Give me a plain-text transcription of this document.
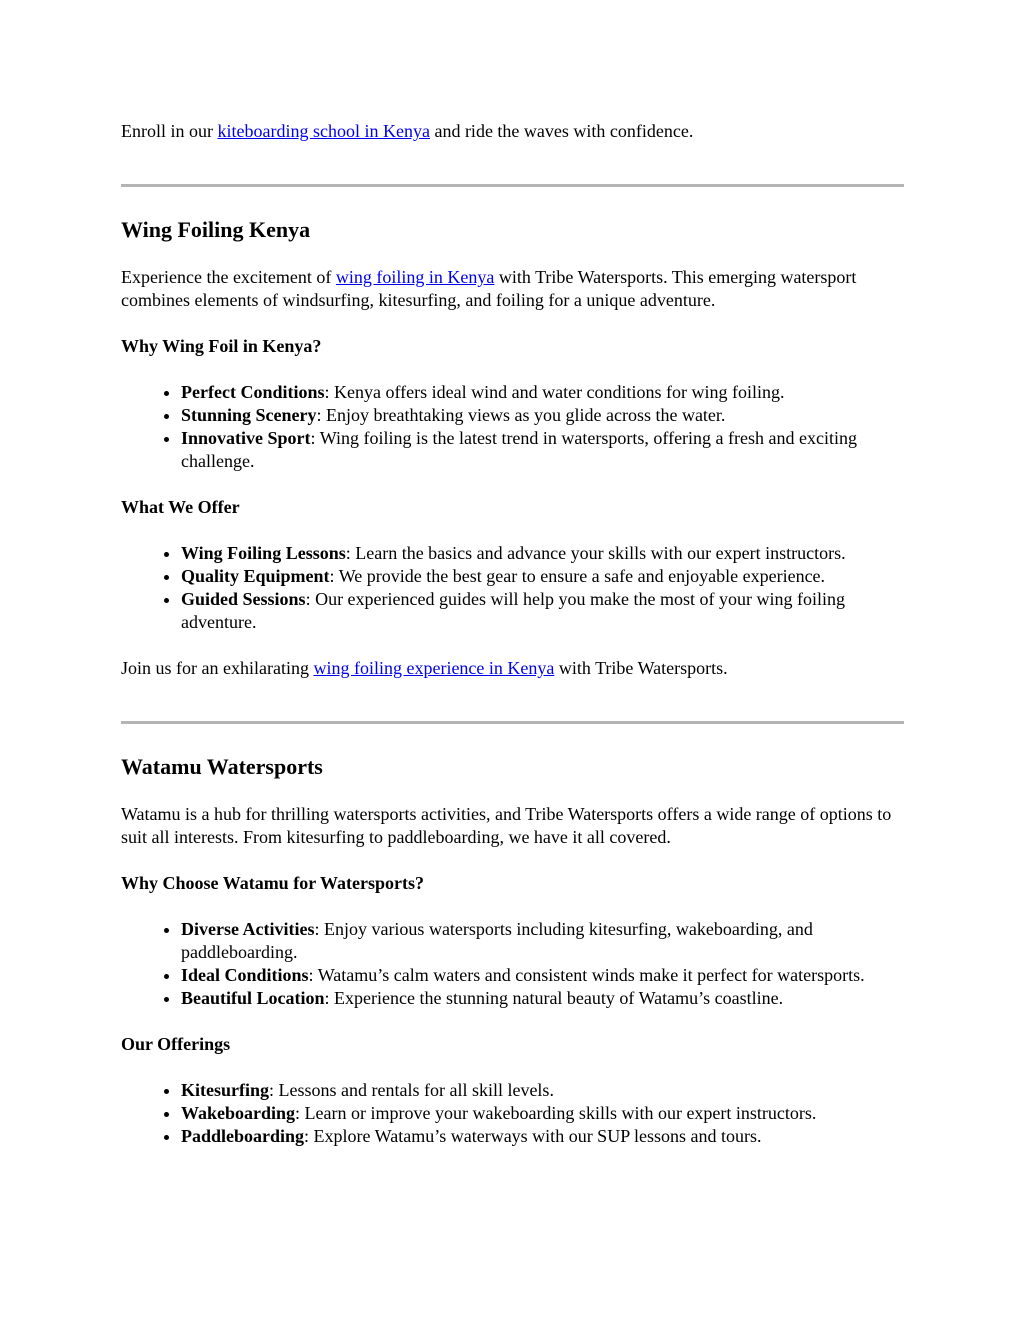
Enroll in our kiteboarding school in Kenya and ride the waves with confidence.

Wing Foiling Kenya

Experience the excitement of wing foiling in Kenya with Tribe Watersports. This emerging watersport combines elements of windsurfing, kitesurfing, and foiling for a unique adventure.

Why Wing Foil in Kenya?
• Perfect Conditions: Kenya offers ideal wind and water conditions for wing foiling.
• Stunning Scenery: Enjoy breathtaking views as you glide across the water.
• Innovative Sport: Wing foiling is the latest trend in watersports, offering a fresh and exciting challenge.
What We Offer
• Wing Foiling Lessons: Learn the basics and advance your skills with our expert instructors.
• Quality Equipment: We provide the best gear to ensure a safe and enjoyable experience.
• Guided Sessions: Our experienced guides will help you make the most of your wing foiling adventure.

Join us for an exhilarating wing foiling experience in Kenya with Tribe Watersports.

Watamu Watersports

Watamu is a hub for thrilling watersports activities, and Tribe Watersports offers a wide range of options to suit all interests. From kitesurfing to paddleboarding, we have it all covered.

Why Choose Watamu for Watersports?
• Diverse Activities: Enjoy various watersports including kitesurfing, wakeboarding, and paddleboarding.
• Ideal Conditions: Watamu’s calm waters and consistent winds make it perfect for watersports.
• Beautiful Location: Experience the stunning natural beauty of Watamu’s coastline.
Our Offerings
• Kitesurfing: Lessons and rentals for all skill levels.
• Wakeboarding: Learn or improve your wakeboarding skills with our expert instructors.
• Paddleboarding: Explore Watamu’s waterways with our SUP lessons and tours.
